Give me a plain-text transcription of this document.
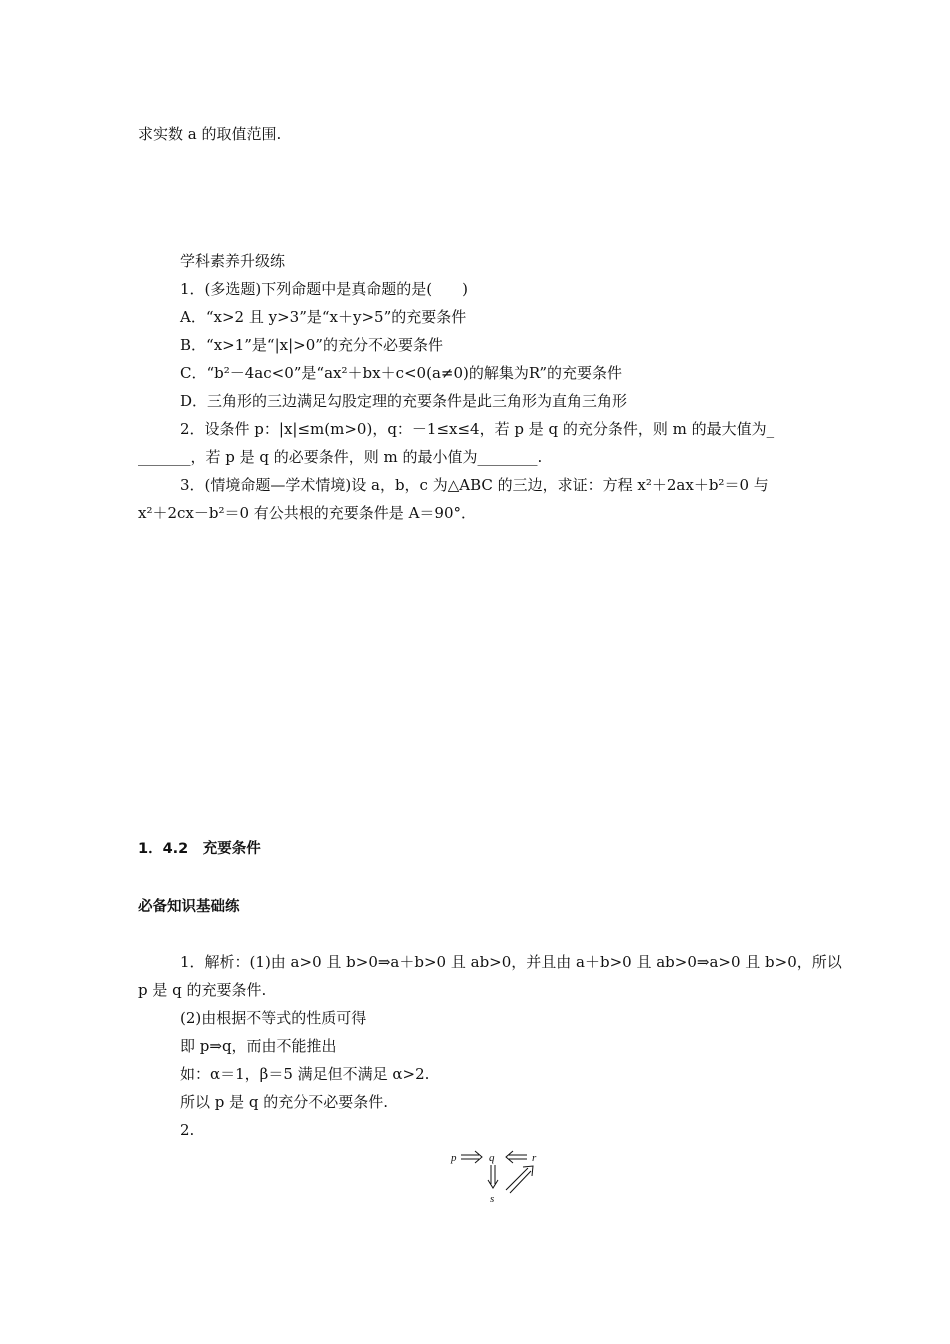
求实数 a 的取值范围.
学科素养升级练
1．(多选题)下列命题中是真命题的是(　　)
A．“x>2 且 y>3”是“x＋y>5”的充要条件
B．“x>1”是“|x|>0”的充分不必要条件
C．“b²－4ac<0”是“ax²＋bx＋c<0(a≠0)的解集为R”的充要条件
D．三角形的三边满足勾股定理的充要条件是此三角形为直角三角形
2．设条件 p：|x|≤m(m>0)，q：－1≤x≤4，若 p 是 q 的充分条件，则 m 的最大值为_
_______，若 p 是 q 的必要条件，则 m 的最小值为________.
3．(情境命题—学术情境)设 a，b，c 为△ABC 的三边，求证：方程 x²＋2ax＋b²＝0 与
x²＋2cx－b²＝0 有公共根的充要条件是 A＝90°．
1．4.2　充要条件
必备知识基础练
1．解析：(1)由 a>0 且 b>0⇒a＋b>0 且 ab>0，并且由 a＋b>0 且 ab>0⇒a>0 且 b>0，所以
p 是 q 的充要条件.
(2)由根据不等式的性质可得
即 p⇒q，而由不能推出
如：α＝1，β＝5 满足但不满足 α>2.
所以 p 是 q 的充分不必要条件.
2.
p	q	r
s
